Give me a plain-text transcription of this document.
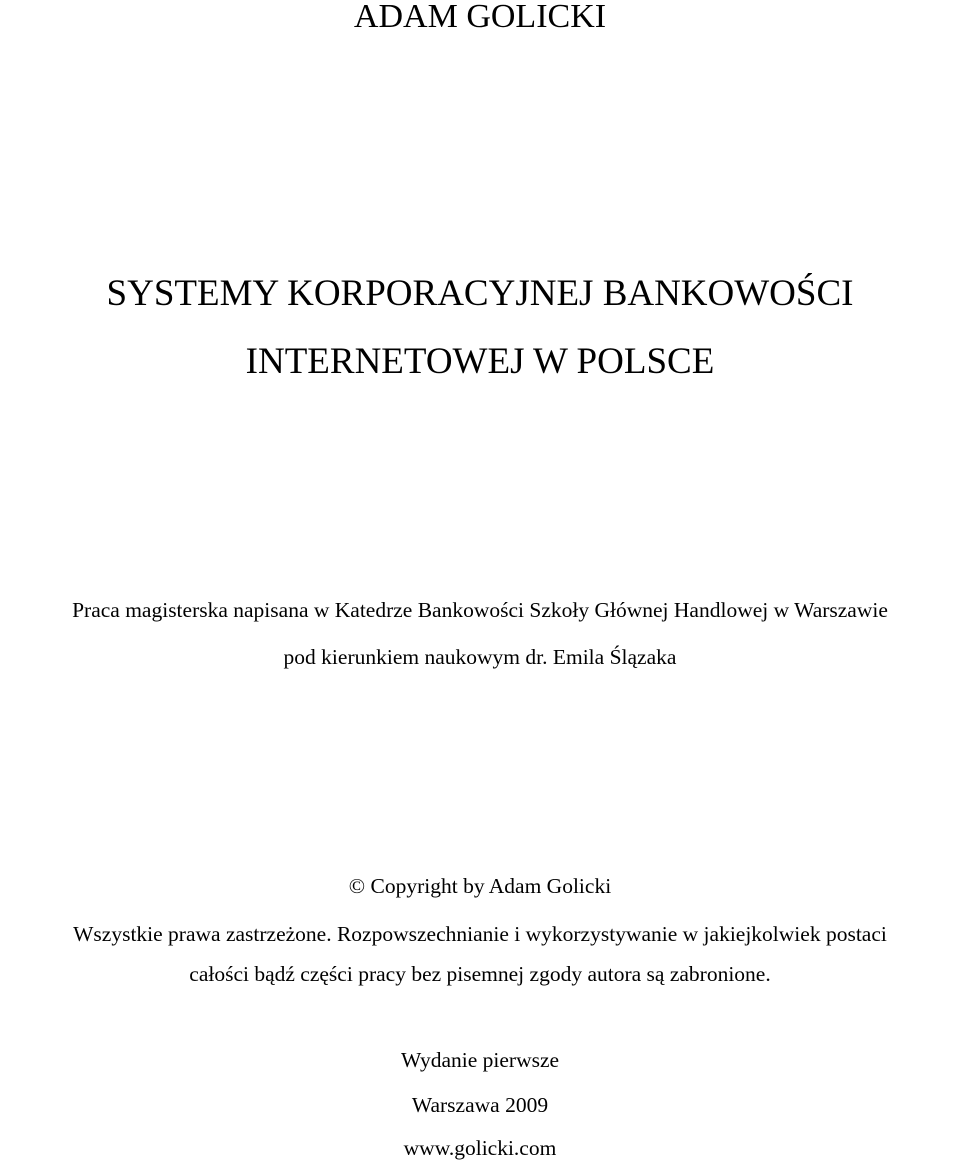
ADAM GOLICKI
SYSTEMY KORPORACYJNEJ BANKOWOŚCI
INTERNETOWEJ W POLSCE
Praca magisterska napisana w Katedrze Bankowości Szkoły Głównej Handlowej w Warszawie
pod kierunkiem naukowym dr. Emila Ślązaka
© Copyright by Adam Golicki
Wszystkie prawa zastrzeżone. Rozpowszechnianie i wykorzystywanie w jakiejkolwiek postaci
całości bądź części pracy bez pisemnej zgody autora są zabronione.
Wydanie pierwsze
Warszawa 2009
www.golicki.com
